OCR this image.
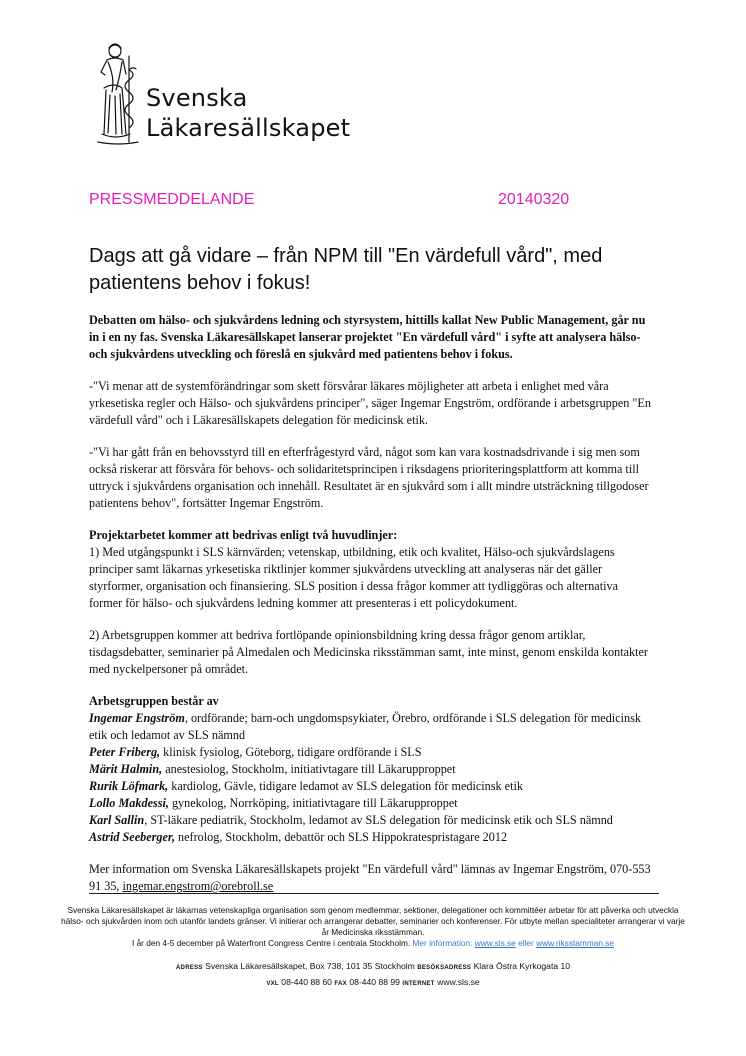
Svenska
Läkaresällskapet
PRESSMEDDELANDE	20140320
Dags att gå vidare – från NPM till "En värdefull vård", med patientens behov i fokus!

Debatten om hälso- och sjukvårdens ledning och styrsystem, hittills kallat New Public Management, går nu in i en ny fas. Svenska Läkaresällskapet lanserar projektet "En värdefull vård" i syfte att analysera hälso- och sjukvårdens utveckling och föreslå en sjukvård med patientens behov i fokus.

-"Vi menar att de systemförändringar som skett försvårar läkares möjligheter att arbeta i enlighet med våra yrkesetiska regler och Hälso- och sjukvårdens principer", säger Ingemar Engström, ordförande i arbetsgruppen "En värdefull vård" och i Läkaresällskapets delegation för medicinsk etik.

-"Vi har gått från en behovsstyrd till en efterfrågestyrd vård, något som kan vara kostnadsdrivande i sig men som också riskerar att försvåra för behovs- och solidaritetsprincipen i riksdagens prioriteringsplattform att komma till uttryck i sjukvårdens organisation och innehåll. Resultatet är en sjukvård som i allt mindre utsträckning tillgodoser patientens behov", fortsätter Ingemar Engström.

Projektarbetet kommer att bedrivas enligt två huvudlinjer:
1) Med utgångspunkt i SLS kärnvärden; vetenskap, utbildning, etik och kvalitet, Hälso-och sjukvårdslagens principer samt läkarnas yrkesetiska riktlinjer kommer sjukvårdens utveckling att analyseras när det gäller styrformer, organisation och finansiering. SLS position i dessa frågor kommer att tydliggöras och alternativa former för hälso- och sjukvårdens ledning kommer att presenteras i ett policydokument.

2) Arbetsgruppen kommer att bedriva fortlöpande opinionsbildning kring dessa frågor genom artiklar, tisdagsdebatter, seminarier på Almedalen och Medicinska riksstämman samt, inte minst, genom enskilda kontakter med nyckelpersoner på området.

Arbetsgruppen består av
Ingemar Engström, ordförande; barn-och ungdomspsykiater, Örebro, ordförande i SLS delegation för medicinsk etik och ledamot av SLS nämnd
Peter Friberg, klinisk fysiolog, Göteborg, tidigare ordförande i SLS
Märit Halmin, anestesiolog, Stockholm, initiativtagare till Läkarupproppet
Rurik Löfmark, kardiolog, Gävle, tidigare ledamot av SLS delegation för medicinsk etik
Lollo Makdessi, gynekolog, Norrköping, initiativtagare till Läkarupproppet
Karl Sallin, ST-läkare pediatrik, Stockholm, ledamot av SLS delegation för medicinsk etik och SLS nämnd
Astrid Seeberger, nefrolog, Stockholm, debattör och SLS Hippokratespristagare 2012

Mer information om Svenska Läkaresällskapets projekt "En värdefull vård" lämnas av Ingemar Engström, 070-553 91 35, ingemar.engstrom@orebroll.se

Svenska Läkaresällskapet är läkarnas vetenskapliga organisation som genom medlemmar, sektioner, delegationer och kommittéer arbetar för att påverka och utveckla hälso- och sjukvården inom och utanför landets gränser. Vi initierar och arrangerar debatter, seminarier och konferenser. För utbyte mellan specialiteter arrangerar vi varje år Medicinska riksstämman.
I år den 4-5 december på Waterfront Congress Centre i centrala Stockholm. Mer information: www.sls.se eller www.riksstamman.se
ADRESS Svenska Läkaresällskapet, Box 738, 101 35 Stockholm BESÖKSADRESS Klara Östra Kyrkogata 10
VXL 08-440 88 60 FAX 08-440 88 99 INTERNET www.sls.se
